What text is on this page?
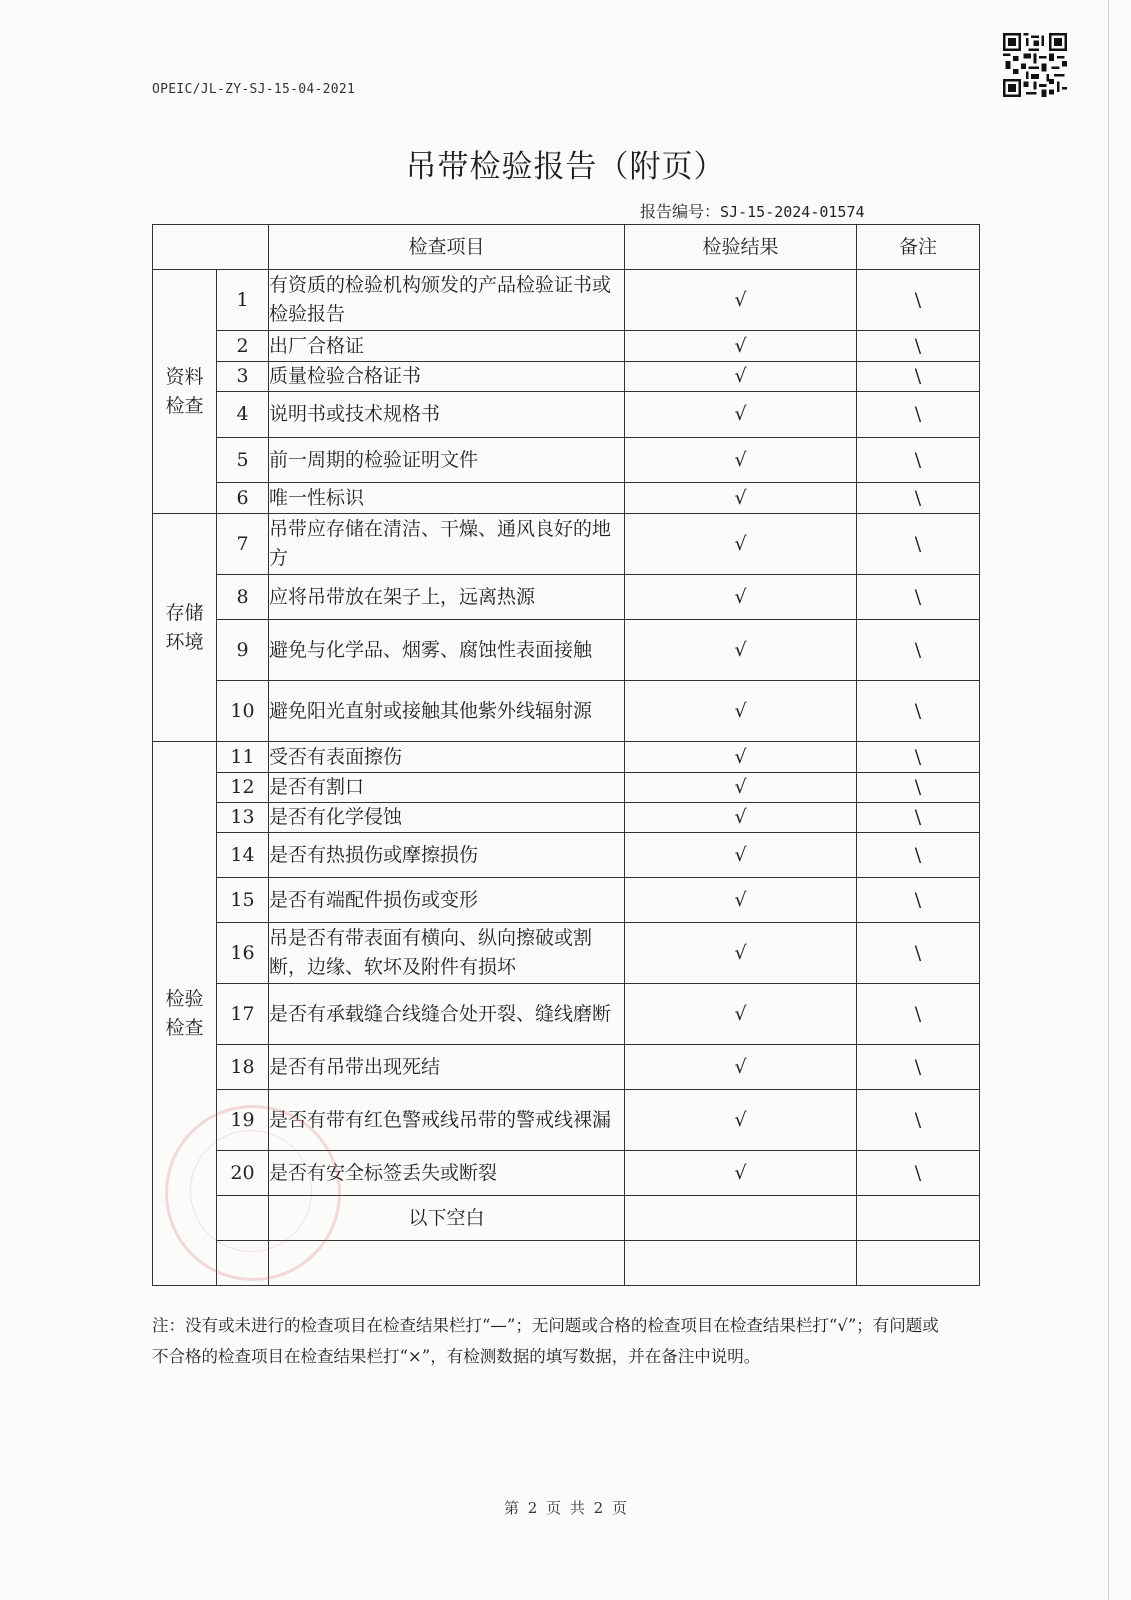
OPEIC/JL-ZY-SJ-15-04-2021
吊带检验报告（附页）
报告编号：SJ-15-2024-01574
		检查项目	检验结果	备注

资料
检查	1	有资质的检验机构颁发的产品检验证书或检验报告	√	\
	2	出厂合格证	√	\
	3	质量检验合格证书	√	\
	4	说明书或技术规格书	√	\
	5	前一周期的检验证明文件	√	\
	6	唯一性标识	√	\

存储
环境	7	吊带应存储在清洁、干燥、通风良好的地方	√	\
	8	应将吊带放在架子上，远离热源	√	\
	9	避免与化学品、烟雾、腐蚀性表面接触	√	\
	10	避免阳光直射或接触其他紫外线辐射源	√	\

检验
检查	11	受否有表面擦伤	√	\
	12	是否有割口	√	\
	13	是否有化学侵蚀	√	\
	14	是否有热损伤或摩擦损伤	√	\
	15	是否有端配件损伤或变形	√	\
	16	吊是否有带表面有横向、纵向擦破或割断，边缘、软坏及附件有损坏	√	\
	17	是否有承载缝合线缝合处开裂、缝线磨断	√	\
	18	是否有吊带出现死结	√	\
	19	是否有带有红色警戒线吊带的警戒线裸漏	√	\
	20	是否有安全标签丢失或断裂	√	\
		以下空白		

注：没有或未进行的检查项目在检查结果栏打“—”；无问题或合格的检查项目在检查结果栏打“√”；有问题或不合格的检查项目在检查结果栏打“×”，有检测数据的填写数据，并在备注中说明。
第 2 页 共 2 页
